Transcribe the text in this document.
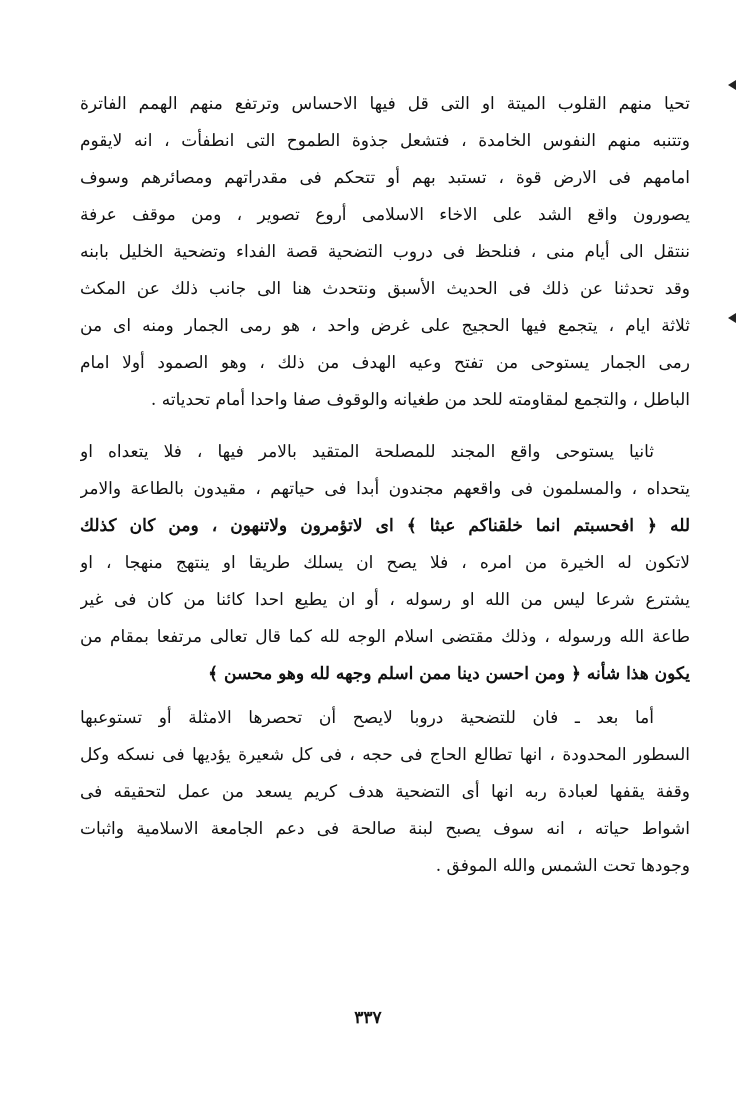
تحيا منهم القلوب الميتة او التى قل فيها الاحساس وترتفع منهم الهمم الفاترة
وتتنبه منهم النفوس الخامدة ، فتشعل جذوة الطموح التى انطفأت ، انه لايقوم
امامهم فى الارض قوة ، تستبد بهم أو تتحكم فى مقدراتهم ومصائرهم وسوف
يصورون واقع الشد على الاخاء الاسلامى أروع تصوير ، ومن موقف عرفة
ننتقل الى أيام منى ، فنلحظ فى دروب التضحية قصة الفداء وتضحية الخليل بابنه
وقد تحدثنا عن ذلك فى الحديث الأسبق ونتحدث هنا الى جانب ذلك عن المكث
ثلاثة ايام ، يتجمع فيها الحجيج على غرض واحد ، هو رمى الجمار ومنه اى من
رمى الجمار يستوحى من تفتح وعيه الهدف من ذلك ، وهو الصمود أولا امام
الباطل ، والتجمع لمقاومته للحد من طغيانه والوقوف صفا واحدا أمام تحدياته .
ثانيا يستوحى واقع المجند للمصلحة المتقيد بالامر فيها ، فلا يتعداه او
يتحداه ، والمسلمون فى واقعهم مجندون أبدا فى حياتهم ، مقيدون بالطاعة والامر
لله ﴿ افحسبتم انما خلقناكم عبثا ﴾ اى لاتؤمرون ولاتنهون ، ومن كان كذلك
لاتكون له الخيرة من امره ، فلا يصح ان يسلك طريقا او ينتهج منهجا ، او
يشترع شرعا ليس من الله او رسوله ، أو ان يطيع احدا كائنا من كان فى غير
طاعة الله ورسوله ، وذلك مقتضى اسلام الوجه لله كما قال تعالى مرتفعا بمقام من
يكون هذا شأنه ﴿ ومن احسن دينا ممن اسلم وجهه لله وهو محسن ﴾
أما بعد ـ فان للتضحية دروبا لايصح أن تحصرها الامثلة أو تستوعبها
السطور المحدودة ، انها تطالع الحاج فى حجه ، فى كل شعيرة يؤديها فى نسكه وكل
وقفة يقفها لعبادة ربه انها أى التضحية هدف كريم يسعد من عمل لتحقيقه فى
اشواط حياته ، انه سوف يصبح لبنة صالحة فى دعم الجامعة الاسلامية واثبات
وجودها تحت الشمس والله الموفق .
٣٣٧
